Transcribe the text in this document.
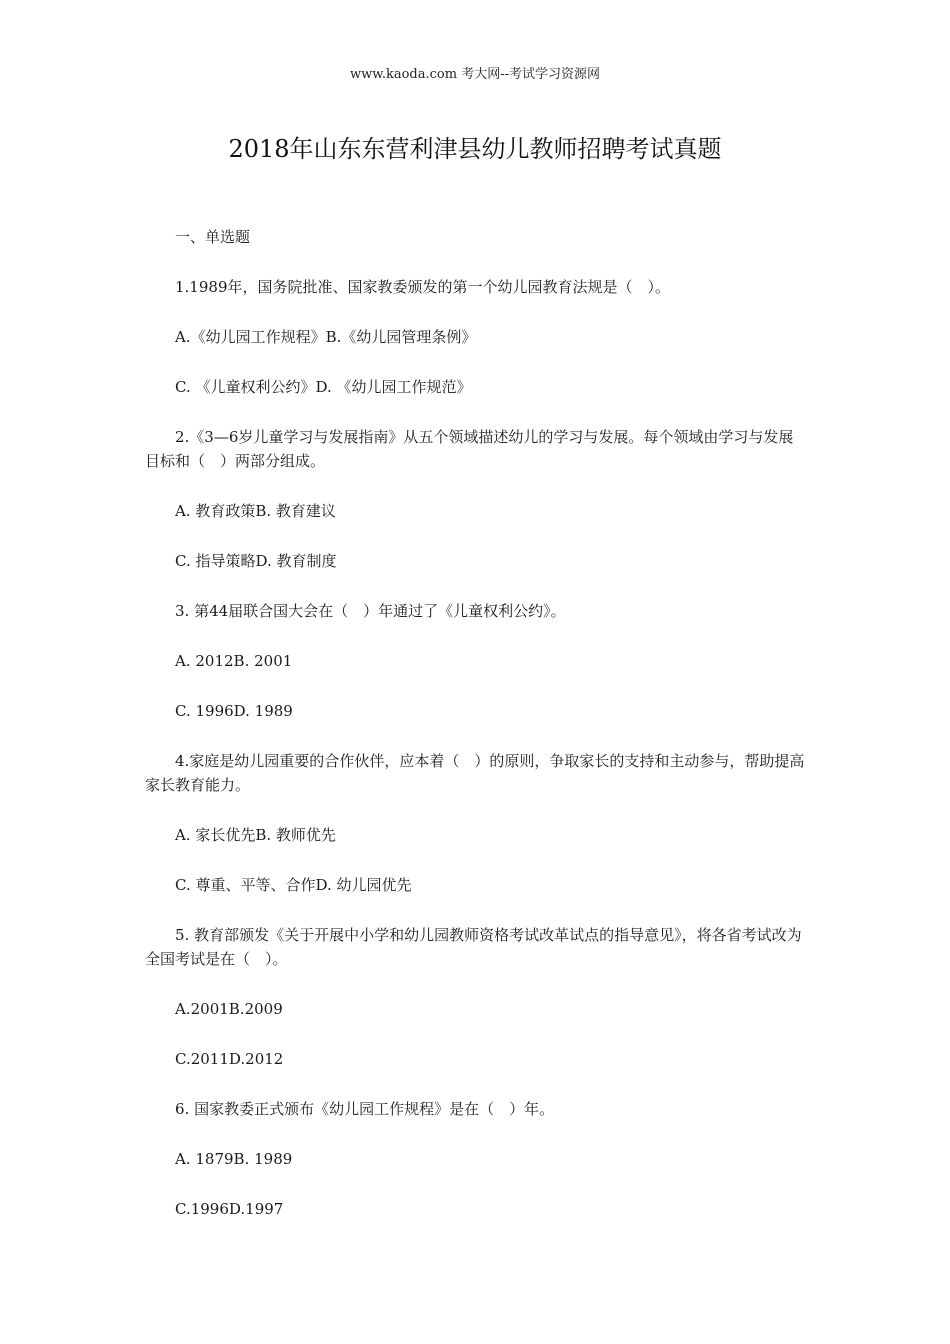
www.kaoda.com 考大网--考试学习资源网
2018年山东东营利津县幼儿教师招聘考试真题

一、单选题

1.1989年，国务院批准、国家教委颁发的第一个幼儿园教育法规是（　）。

A.《幼儿园工作规程》B.《幼儿园管理条例》

C. 《儿童权利公约》D. 《幼儿园工作规范》

2.《3—6岁儿童学习与发展指南》从五个领域描述幼儿的学习与发展。每个领域由学习与发展目标和（　）两部分组成。

A. 教育政策B. 教育建议

C. 指导策略D. 教育制度

3. 第44届联合国大会在（　）年通过了《儿童权利公约》。

A. 2012B. 2001

C. 1996D. 1989

4.家庭是幼儿园重要的合作伙伴，应本着（　）的原则，争取家长的支持和主动参与，帮助提高家长教育能力。

A. 家长优先B. 教师优先

C. 尊重、平等、合作D. 幼儿园优先

5. 教育部颁发《关于开展中小学和幼儿园教师资格考试改革试点的指导意见》，将各省考试改为全国考试是在（　）。

A.2001B.2009

C.2011D.2012

6. 国家教委正式颁布《幼儿园工作规程》是在（　）年。

A. 1879B. 1989

C.1996D.1997
